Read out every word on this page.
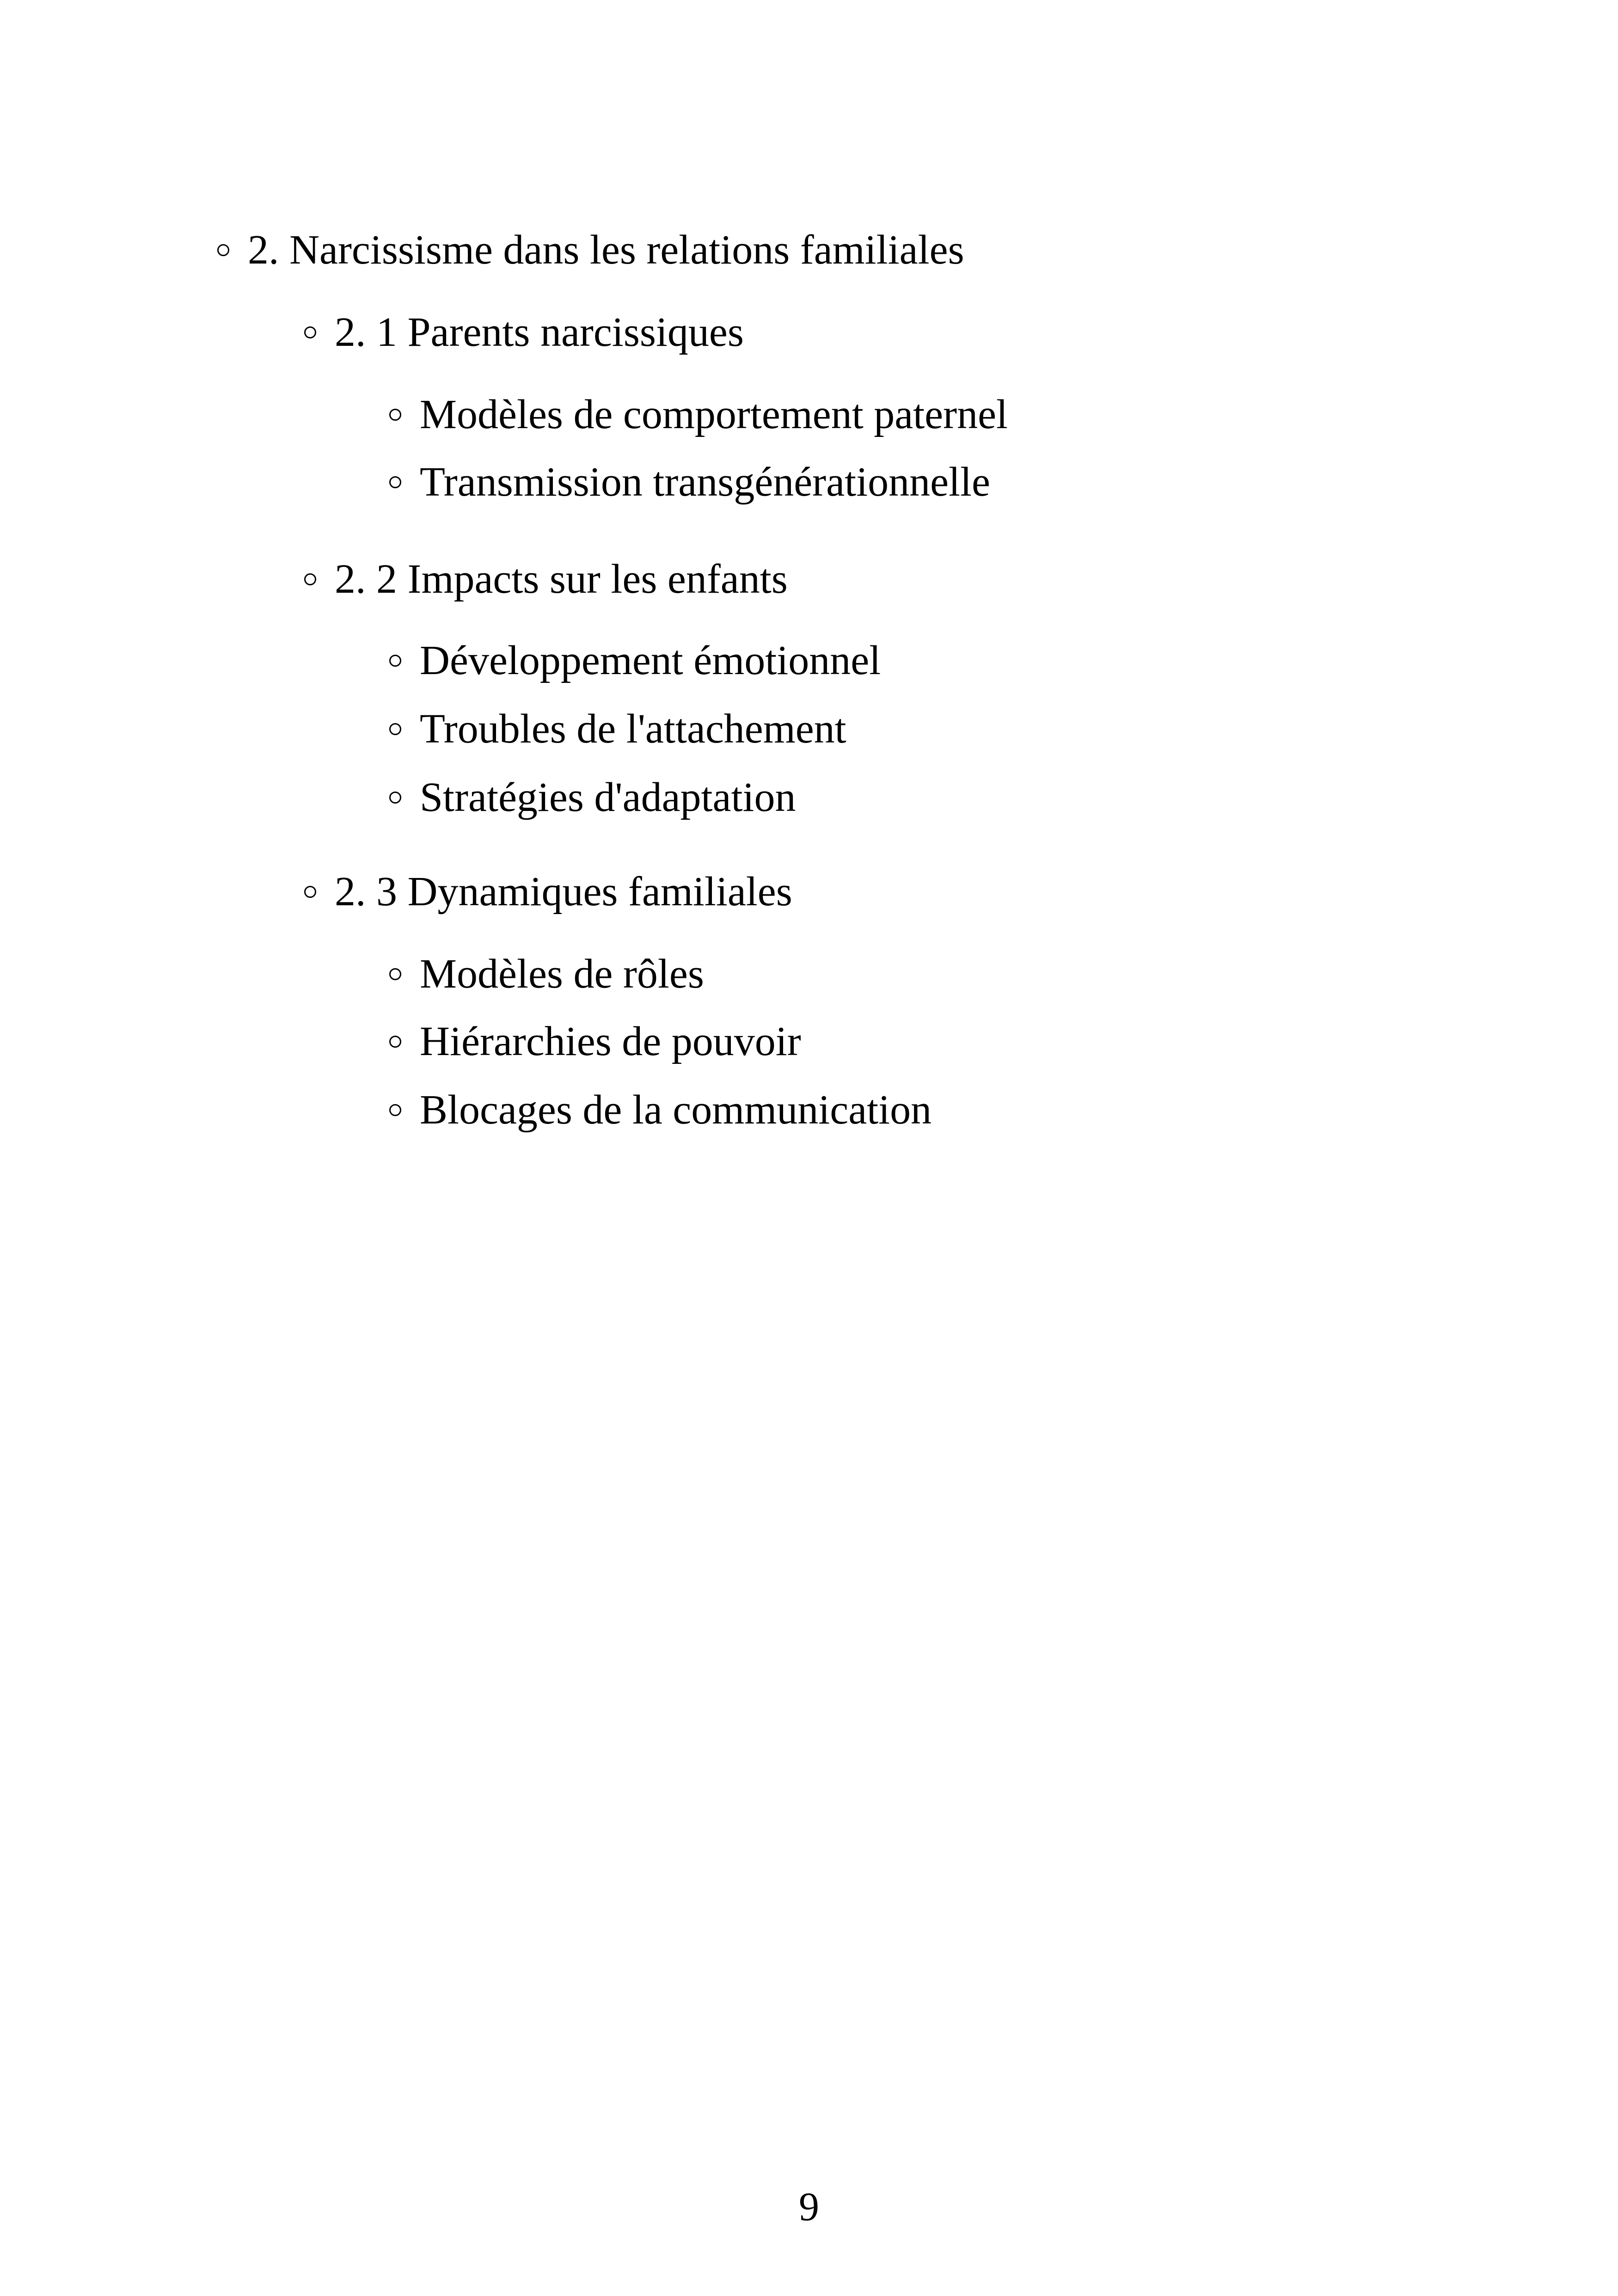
2. Narcissisme dans les relations familiales
2. 1 Parents narcissiques
Modèles de comportement paternel
Transmission transgénérationnelle
2. 2 Impacts sur les enfants
Développement émotionnel
Troubles de l'attachement
Stratégies d'adaptation
2. 3 Dynamiques familiales
Modèles de rôles
Hiérarchies de pouvoir
Blocages de la communication
9
